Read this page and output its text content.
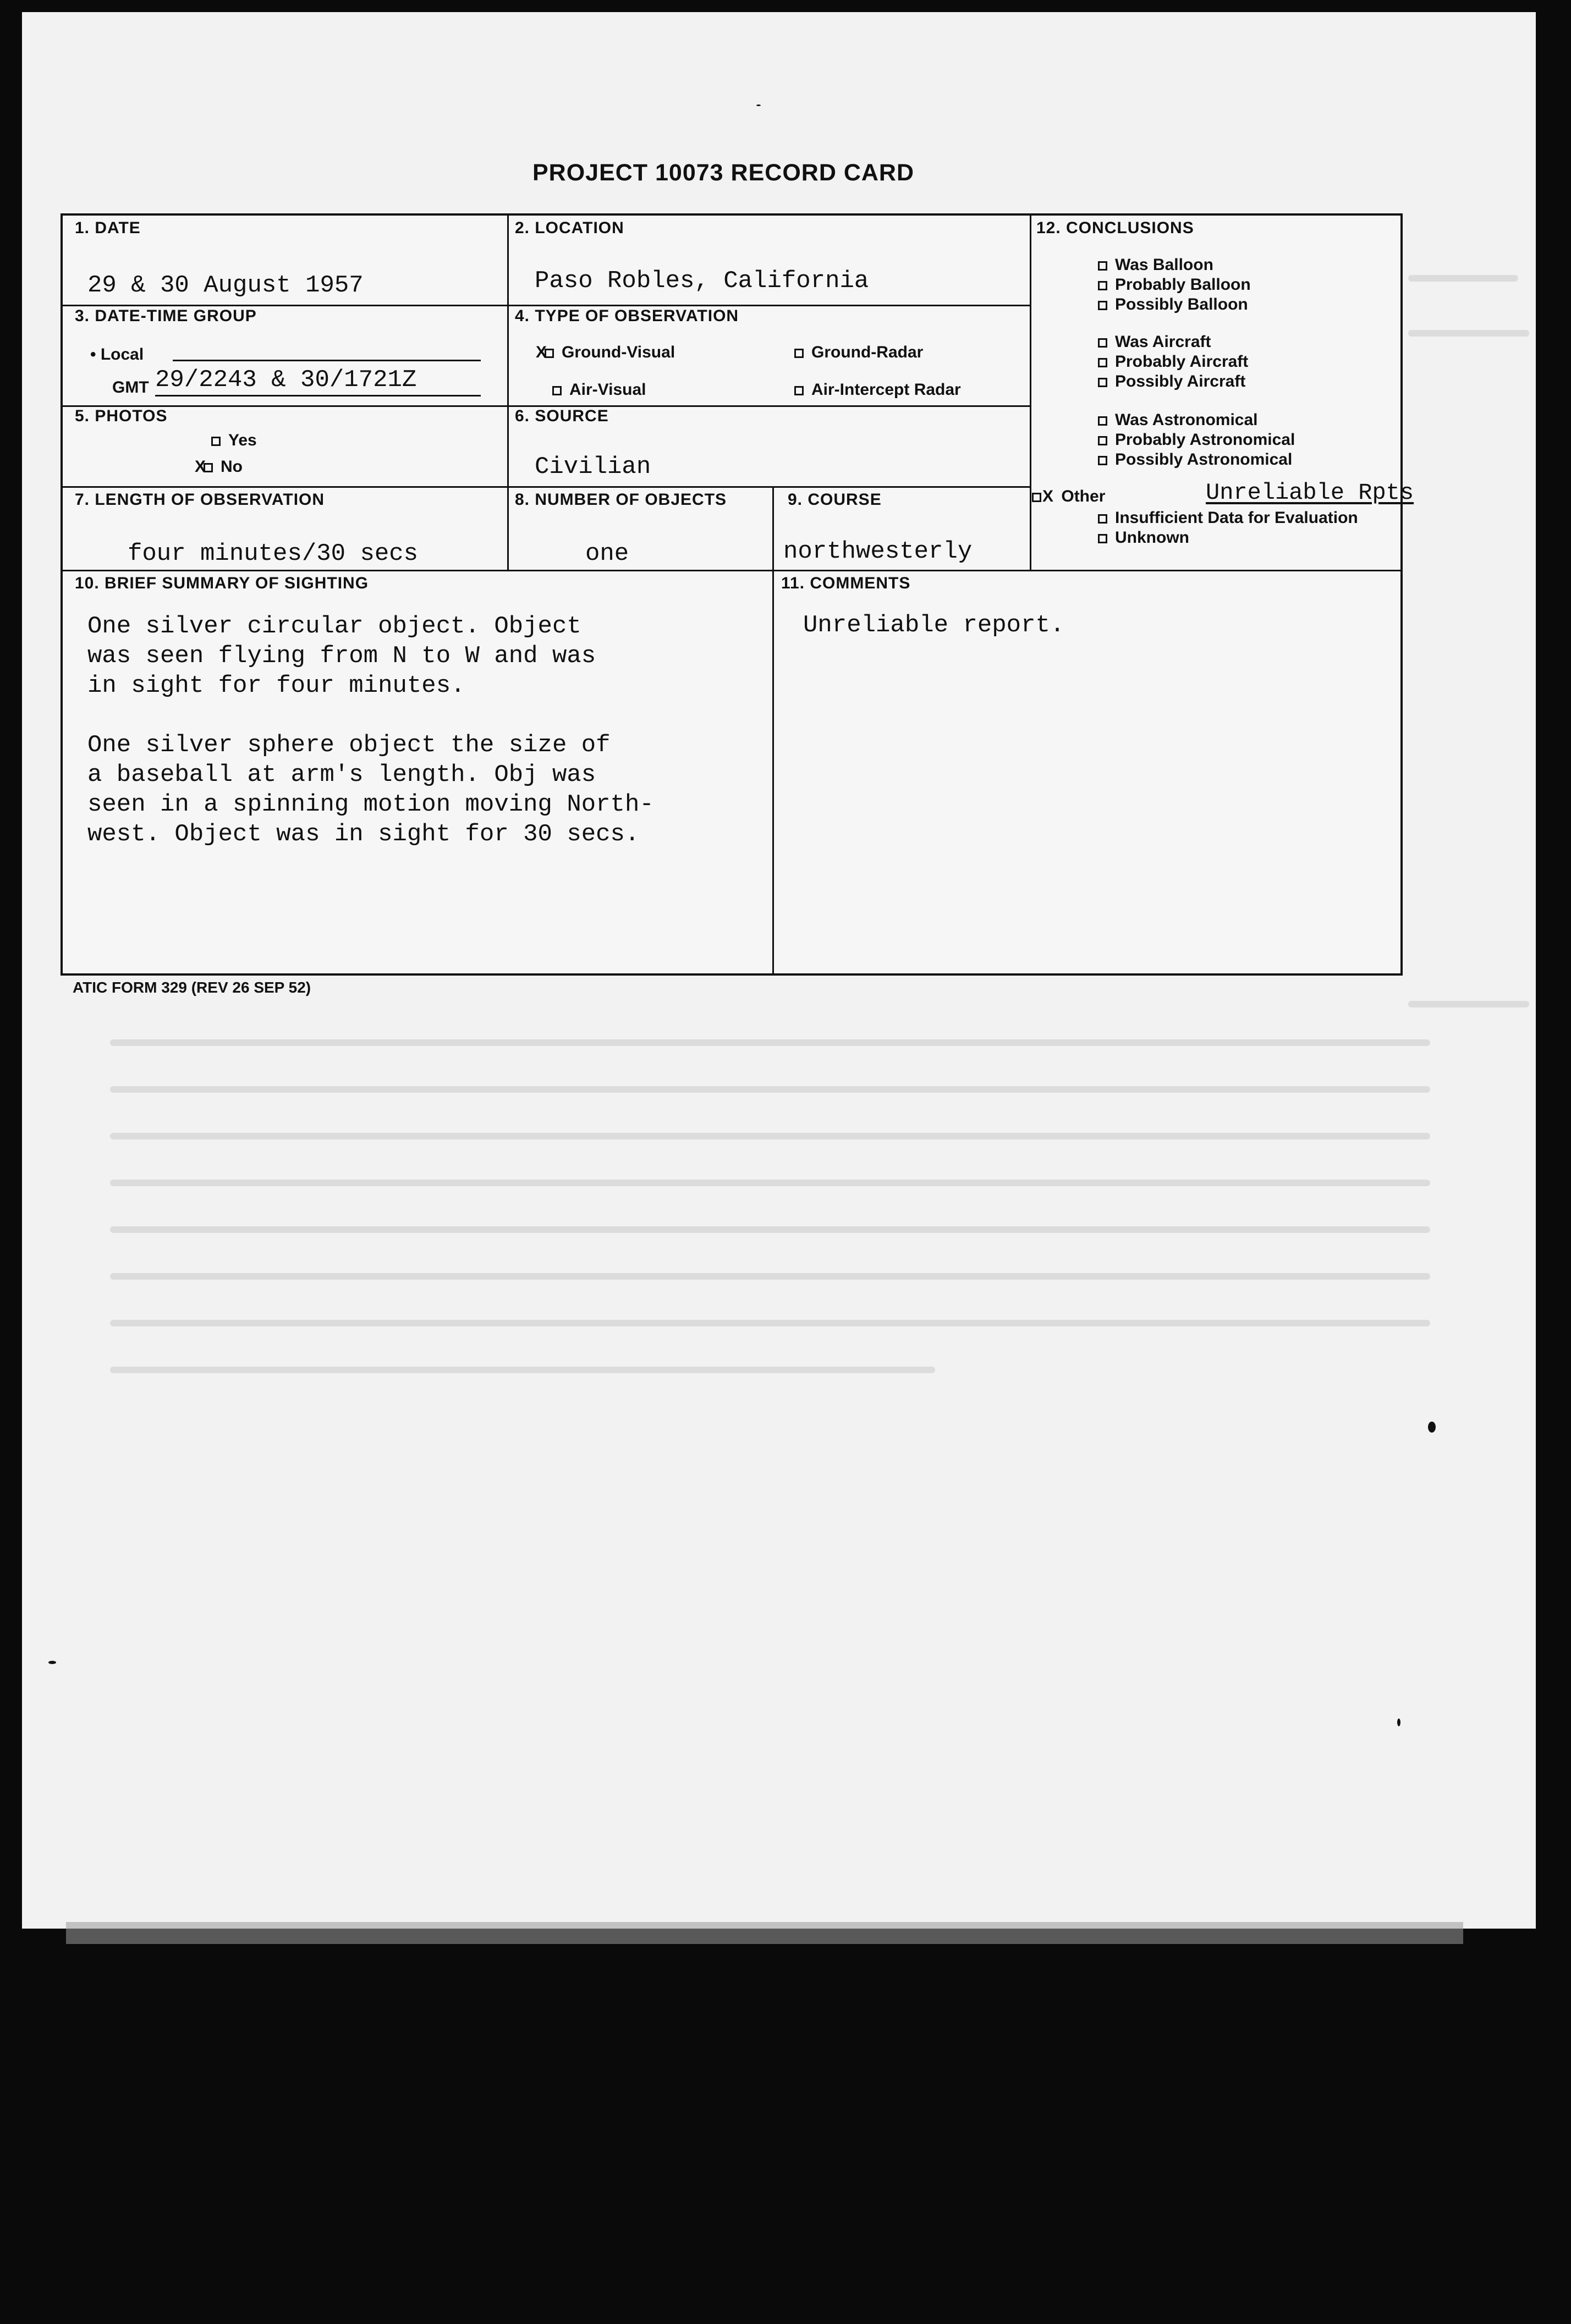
PROJECT 10073 RECORD CARD
1. DATE
29 & 30 August 1957
2. LOCATION
Paso Robles, California
3. DATE-TIME GROUP
• Local
GMT 29/2243 & 30/1721Z
4. TYPE OF OBSERVATION
X Ground-Visual	Ground-Radar
Air-Visual	Air-Intercept Radar
5. PHOTOS
Yes
X No
6. SOURCE
Civilian
7. LENGTH OF OBSERVATION
four minutes/30 secs
8. NUMBER OF OBJECTS
one
9. COURSE
northwesterly
12. CONCLUSIONS
Was Balloon
Probably Balloon
Possibly Balloon
Was Aircraft
Probably Aircraft
Possibly Aircraft
Was Astronomical
Probably Astronomical
Possibly Astronomical
X Other	Unreliable Rpts
Insufficient Data for Evaluation
Unknown
10. BRIEF SUMMARY OF SIGHTING
One silver circular object. Object
was seen flying from N to W and was
in sight for four minutes.
One silver sphere object the size of
a baseball at arm's length. Obj was
seen in a spinning motion moving North-
west. Object was in sight for 30 secs.
11. COMMENTS
Unreliable report.
ATIC FORM 329 (REV 26 SEP 52)
